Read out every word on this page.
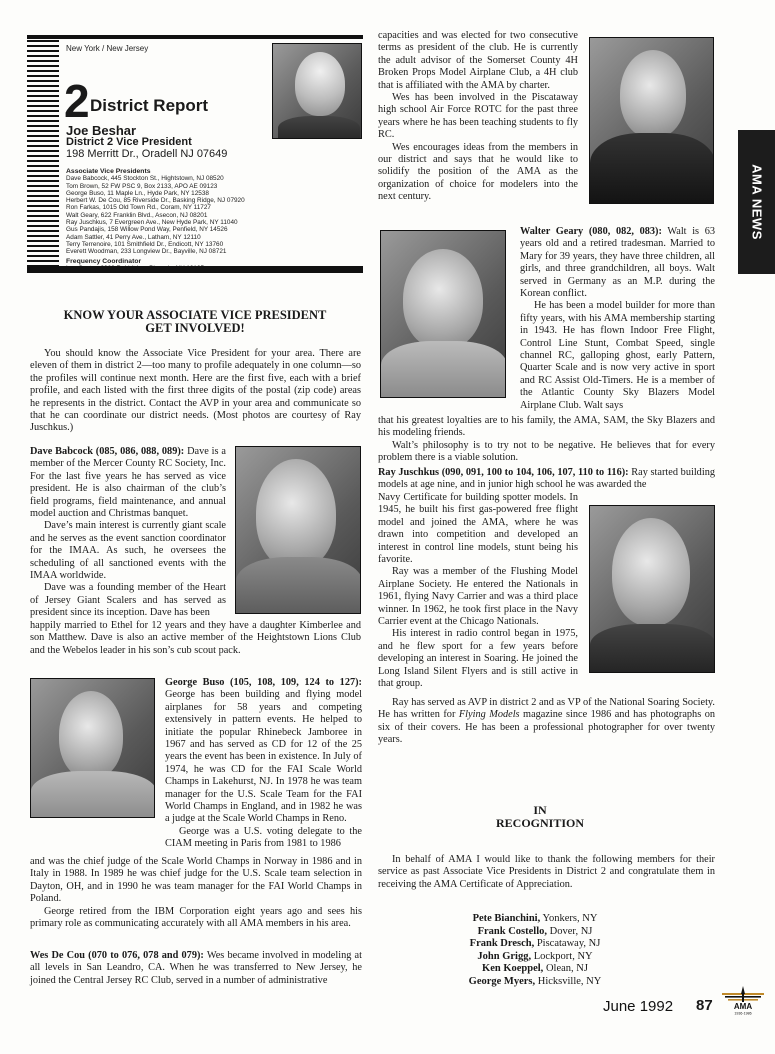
New York / New Jersey
2 District Report
Joe Beshar
District 2 Vice President
198 Merritt Dr., Oradell NJ 07649
Associate Vice Presidents
Dave Babcock, 445 Stockton St., Hightstown, NJ 08520
Tom Brown, 52 FW PSC 9, Box 2133, APO AE 09123
George Buso, 11 Maple Ln., Hyde Park, NY 12538
Herbert W. De Cou, 85 Riverside Dr., Basking Ridge, NJ 07920
Ron Farkas, 1015 Old Town Rd., Coram, NY 11727
Walt Geary, 622 Franklin Blvd., Asecon, NJ 08201
Ray Juschkus, 7 Evergreen Ave., New Hyde Park, NY 11040
Gus Pandajis, 158 Willow Pond Way, Penfield, NY 14526
Adam Sattler, 41 Perry Ave., Latham, NY 12110
Terry Terrenoire, 101 Smithfield Dr., Endicott, NY 13760
Everett Woodman, 233 Longview Dr., Bayville, NJ 08721
Frequency Coordinator
KNOW YOUR ASSOCIATE VICE PRESIDENT
GET INVOLVED!

You should know the Associate Vice President for your area. There are eleven of them in district 2—too many to profile adequately in one column—so the profiles will continue next month. Here are the first five, each with a brief profile, and each listed with the first three digits of the postal (zip code) areas he represents in the district. Contact the AVP in your area and communicate so that he can coordinate our district needs. (Most photos are courtesy of Ray Juschkus.)

Dave Babcock (085, 086, 088, 089): Dave is a member of the Mercer County RC Society, Inc. For the last five years he has served as vice president. He is also chairman of the club’s field programs, field maintenance, and annual model auction and Christmas banquet.

Dave’s main interest is currently giant scale and he serves as the event sanction coordinator for the IMAA. As such, he oversees the scheduling of all sanctioned events with the IMAA worldwide.

Dave was a founding member of the Heart of Jersey Giant Scalers and has served as president since its inception. Dave has been

happily married to Ethel for 12 years and they have a daughter Kimberlee and son Matthew. Dave is also an active member of the Heightstown Lions Club and the Webelos leader in his son’s cub scout pack.

George Buso (105, 108, 109, 124 to 127): George has been building and flying model airplanes for 58 years and competing extensively in pattern events. He helped to initiate the popular Rhinebeck Jamboree in 1967 and has served as CD for 12 of the 25 years the event has been in existence. In July of 1974, he was CD for the FAI Scale World Champs in Lakehurst, NJ. In 1978 he was team manager for the U.S. Scale Team for the FAI World Champs in England, and in 1982 he was a judge at the Scale World Champs in Reno.

George was a U.S. voting delegate to the CIAM meeting in Paris from 1981 to 1986

and was the chief judge of the Scale World Champs in Norway in 1986 and in Italy in 1988. In 1989 he was chief judge for the U.S. Scale team selection in Dayton, OH, and in 1990 he was team manager for the FAI World Champs in Poland.

George retired from the IBM Corporation eight years ago and sees his primary role as communicating accurately with all AMA members in his area.

Wes De Cou (070 to 076, 078 and 079): Wes became involved in modeling at all levels in San Leandro, CA. When he was transferred to New Jersey, he joined the Central Jersey RC Club, served in a number of administrative

capacities and was elected for two consecutive terms as president of the club. He is currently the adult advisor of the Somerset County 4H Broken Props Model Airplane Club, a 4H club that is affiliated with the AMA by charter.

Wes has been involved in the Piscataway high school Air Force ROTC for the past three years where he has been teaching students to fly RC.

Wes encourages ideas from the members in our district and says that he would like to solidify the position of the AMA as the organization of choice for modelers into the next century.

Walter Geary (080, 082, 083): Walt is 63 years old and a retired tradesman. Married to Mary for 39 years, they have three children, all girls, and three grandchildren, all boys. Walt served in Germany as an M.P. during the Korean conflict.

He has been a model builder for more than fifty years, with his AMA membership starting in 1943. He has flown Indoor Free Flight, Control Line Stunt, Combat Speed, single channel RC, galloping ghost, early Pattern, Quarter Scale and is now very active in sport and RC Assist Old-Timers. He is a member of the Atlantic County Sky Blazers Model Airplane Club. Walt says

that his greatest loyalties are to his family, the AMA, SAM, the Sky Blazers and his modeling friends.

Walt’s philosophy is to try not to be negative. He believes that for every problem there is a viable solution.

Ray Juschkus (090, 091, 100 to 104, 106, 107, 110 to 116): Ray started building models at age nine, and in junior high school he was awarded the

Navy Certificate for building spotter models. In 1945, he built his first gas-powered free flight model and joined the AMA, where he was drawn into competition and developed an interest in control line models, stunt being his favorite.

Ray was a member of the Flushing Model Airplane Society. He entered the Nationals in 1961, flying Navy Carrier and was a third place winner. In 1962, he took first place in the Navy Carrier event at the Chicago Nationals.

His interest in radio control began in 1975, and he flew sport for a few years before developing an interest in Soaring. He joined the Long Island Silent Flyers and is still active in that group.

Ray has served as AVP in district 2 and as VP of the National Soaring Society. He has written for Flying Models magazine since 1986 and has photographs on six of their covers. He has been a professional photographer for over twenty years.

IN
RECOGNITION

In behalf of AMA I would like to thank the following members for their service as past Associate Vice Presidents in District 2 and congratulate them in receiving the AMA Certificate of Appreciation.

Pete Bianchini, Yonkers, NY
Frank Costello, Dover, NJ
Frank Dresch, Piscataway, NJ
John Grigg, Lockport, NY
Ken Koeppel, Olean, NJ
George Myers, Hicksville, NY
AMA NEWS
June 1992 87	AMA
1936-1986
